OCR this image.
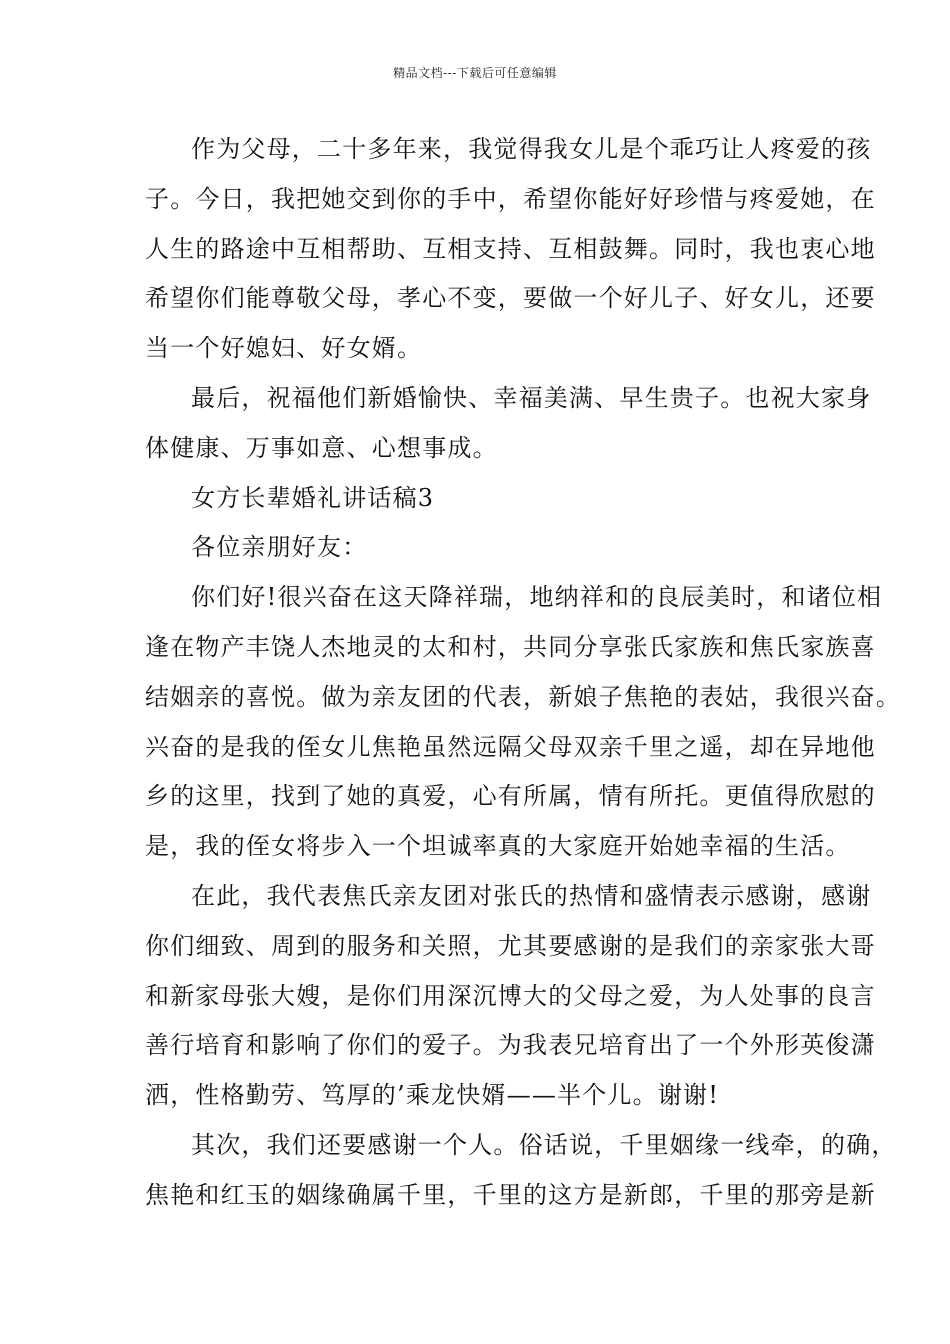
精品文档---下载后可任意编辑
作为父母，二十多年来，我觉得我女儿是个乖巧让人疼爱的孩
子。今日，我把她交到你的手中，希望你能好好珍惜与疼爱她，在
人生的路途中互相帮助、互相支持、互相鼓舞。同时，我也衷心地
希望你们能尊敬父母，孝心不变，要做一个好儿子、好女儿，还要
当一个好媳妇、好女婿。
最后，祝福他们新婚愉快、幸福美满、早生贵子。也祝大家身
体健康、万事如意、心想事成。
女方长辈婚礼讲话稿3
各位亲朋好友：
你们好!很兴奋在这天降祥瑞，地纳祥和的良辰美时，和诸位相
逢在物产丰饶人杰地灵的太和村，共同分享张氏家族和焦氏家族喜
结姻亲的喜悦。做为亲友团的代表，新娘子焦艳的表姑，我很兴奋。
兴奋的是我的侄女儿焦艳虽然远隔父母双亲千里之遥，却在异地他
乡的这里，找到了她的真爱，心有所属，情有所托。更值得欣慰的
是，我的侄女将步入一个坦诚率真的大家庭开始她幸福的生活。
在此，我代表焦氏亲友团对张氏的热情和盛情表示感谢，感谢
你们细致、周到的服务和关照，尤其要感谢的是我们的亲家张大哥
和新家母张大嫂，是你们用深沉博大的父母之爱，为人处事的良言
善行培育和影响了你们的爱子。为我表兄培育出了一个外形英俊潇
洒，性格勤劳、笃厚的’乘龙快婿——半个儿。谢谢!
其次，我们还要感谢一个人。俗话说，千里姻缘一线牵，的确，
焦艳和红玉的姻缘确属千里，千里的这方是新郎，千里的那旁是新
